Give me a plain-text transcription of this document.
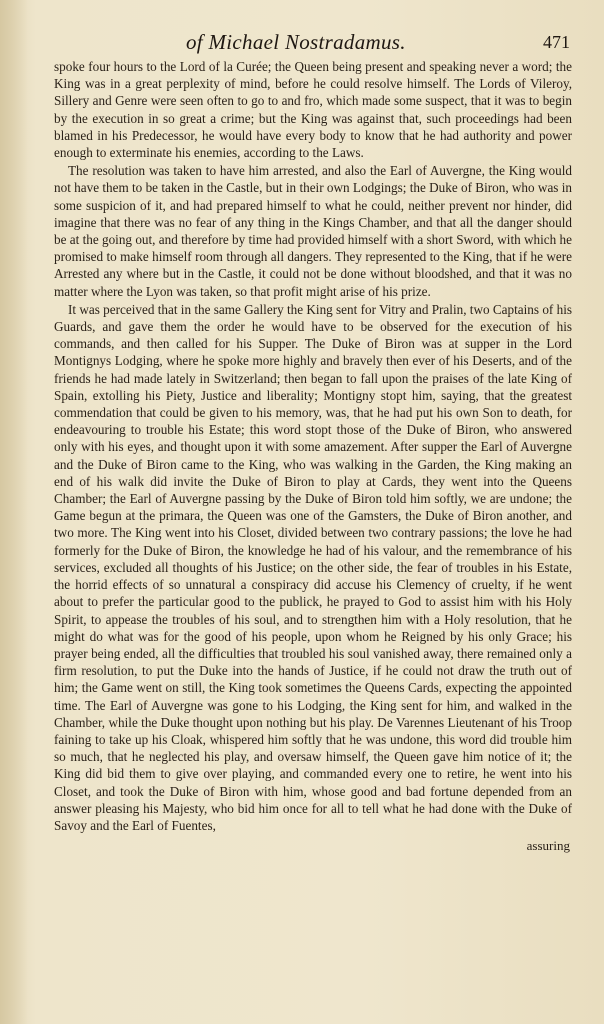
of Michael Nostradamus.	471

spoke four hours to the Lord of la Curée; the Queen being present and speaking never a word; the King was in a great perplexity of mind, before he could resolve himself. The Lords of Vileroy, Sillery and Genre were seen often to go to and fro, which made some suspect, that it was to begin by the execution in so great a crime; but the King was against that, such proceedings had been blamed in his Predecessor, he would have every body to know that he had authority and power enough to exterminate his enemies, according to the Laws.

The resolution was taken to have him arrested, and also the Earl of Auvergne, the King would not have them to be taken in the Castle, but in their own Lodgings; the Duke of Biron, who was in some suspicion of it, and had prepared himself to what he could, neither prevent nor hinder, did imagine that there was no fear of any thing in the Kings Chamber, and that all the danger should be at the going out, and therefore by time had provided himself with a short Sword, with which he promised to make himself room through all dangers. They represented to the King, that if he were Arrested any where but in the Castle, it could not be done without bloodshed, and that it was no matter where the Lyon was taken, so that profit might arise of his prize.

It was perceived that in the same Gallery the King sent for Vitry and Pralin, two Captains of his Guards, and gave them the order he would have to be observed for the execution of his commands, and then called for his Supper. The Duke of Biron was at supper in the Lord Montignys Lodging, where he spoke more highly and bravely then ever of his Deserts, and of the friends he had made lately in Switzerland; then began to fall upon the praises of the late King of Spain, extolling his Piety, Justice and liberality; Montigny stopt him, saying, that the greatest commendation that could be given to his memory, was, that he had put his own Son to death, for endeavouring to trouble his Estate; this word stopt those of the Duke of Biron, who answered only with his eyes, and thought upon it with some amazement. After supper the Earl of Auvergne and the Duke of Biron came to the King, who was walking in the Garden, the King making an end of his walk did invite the Duke of Biron to play at Cards, they went into the Queens Chamber; the Earl of Auvergne passing by the Duke of Biron told him softly, we are undone; the Game begun at the primara, the Queen was one of the Gamsters, the Duke of Biron another, and two more. The King went into his Closet, divided between two contrary passions; the love he had formerly for the Duke of Biron, the knowledge he had of his valour, and the remembrance of his services, excluded all thoughts of his Justice; on the other side, the fear of troubles in his Estate, the horrid effects of so unnatural a conspiracy did accuse his Clemency of cruelty, if he went about to prefer the particular good to the publick, he prayed to God to assist him with his Holy Spirit, to appease the troubles of his soul, and to strengthen him with a Holy resolution, that he might do what was for the good of his people, upon whom he Reigned by his only Grace; his prayer being ended, all the difficulties that troubled his soul vanished away, there remained only a firm resolution, to put the Duke into the hands of Justice, if he could not draw the truth out of him; the Game went on still, the King took sometimes the Queens Cards, expecting the appointed time. The Earl of Auvergne was gone to his Lodging, the King sent for him, and walked in the Chamber, while the Duke thought upon nothing but his play. De Varennes Lieutenant of his Troop faining to take up his Cloak, whispered him softly that he was undone, this word did trouble him so much, that he neglected his play, and oversaw himself, the Queen gave him notice of it; the King did bid them to give over playing, and commanded every one to retire, he went into his Closet, and took the Duke of Biron with him, whose good and bad fortune depended from an answer pleasing his Majesty, who bid him once for all to tell what he had done with the Duke of Savoy and the Earl of Fuentes,

assuring
